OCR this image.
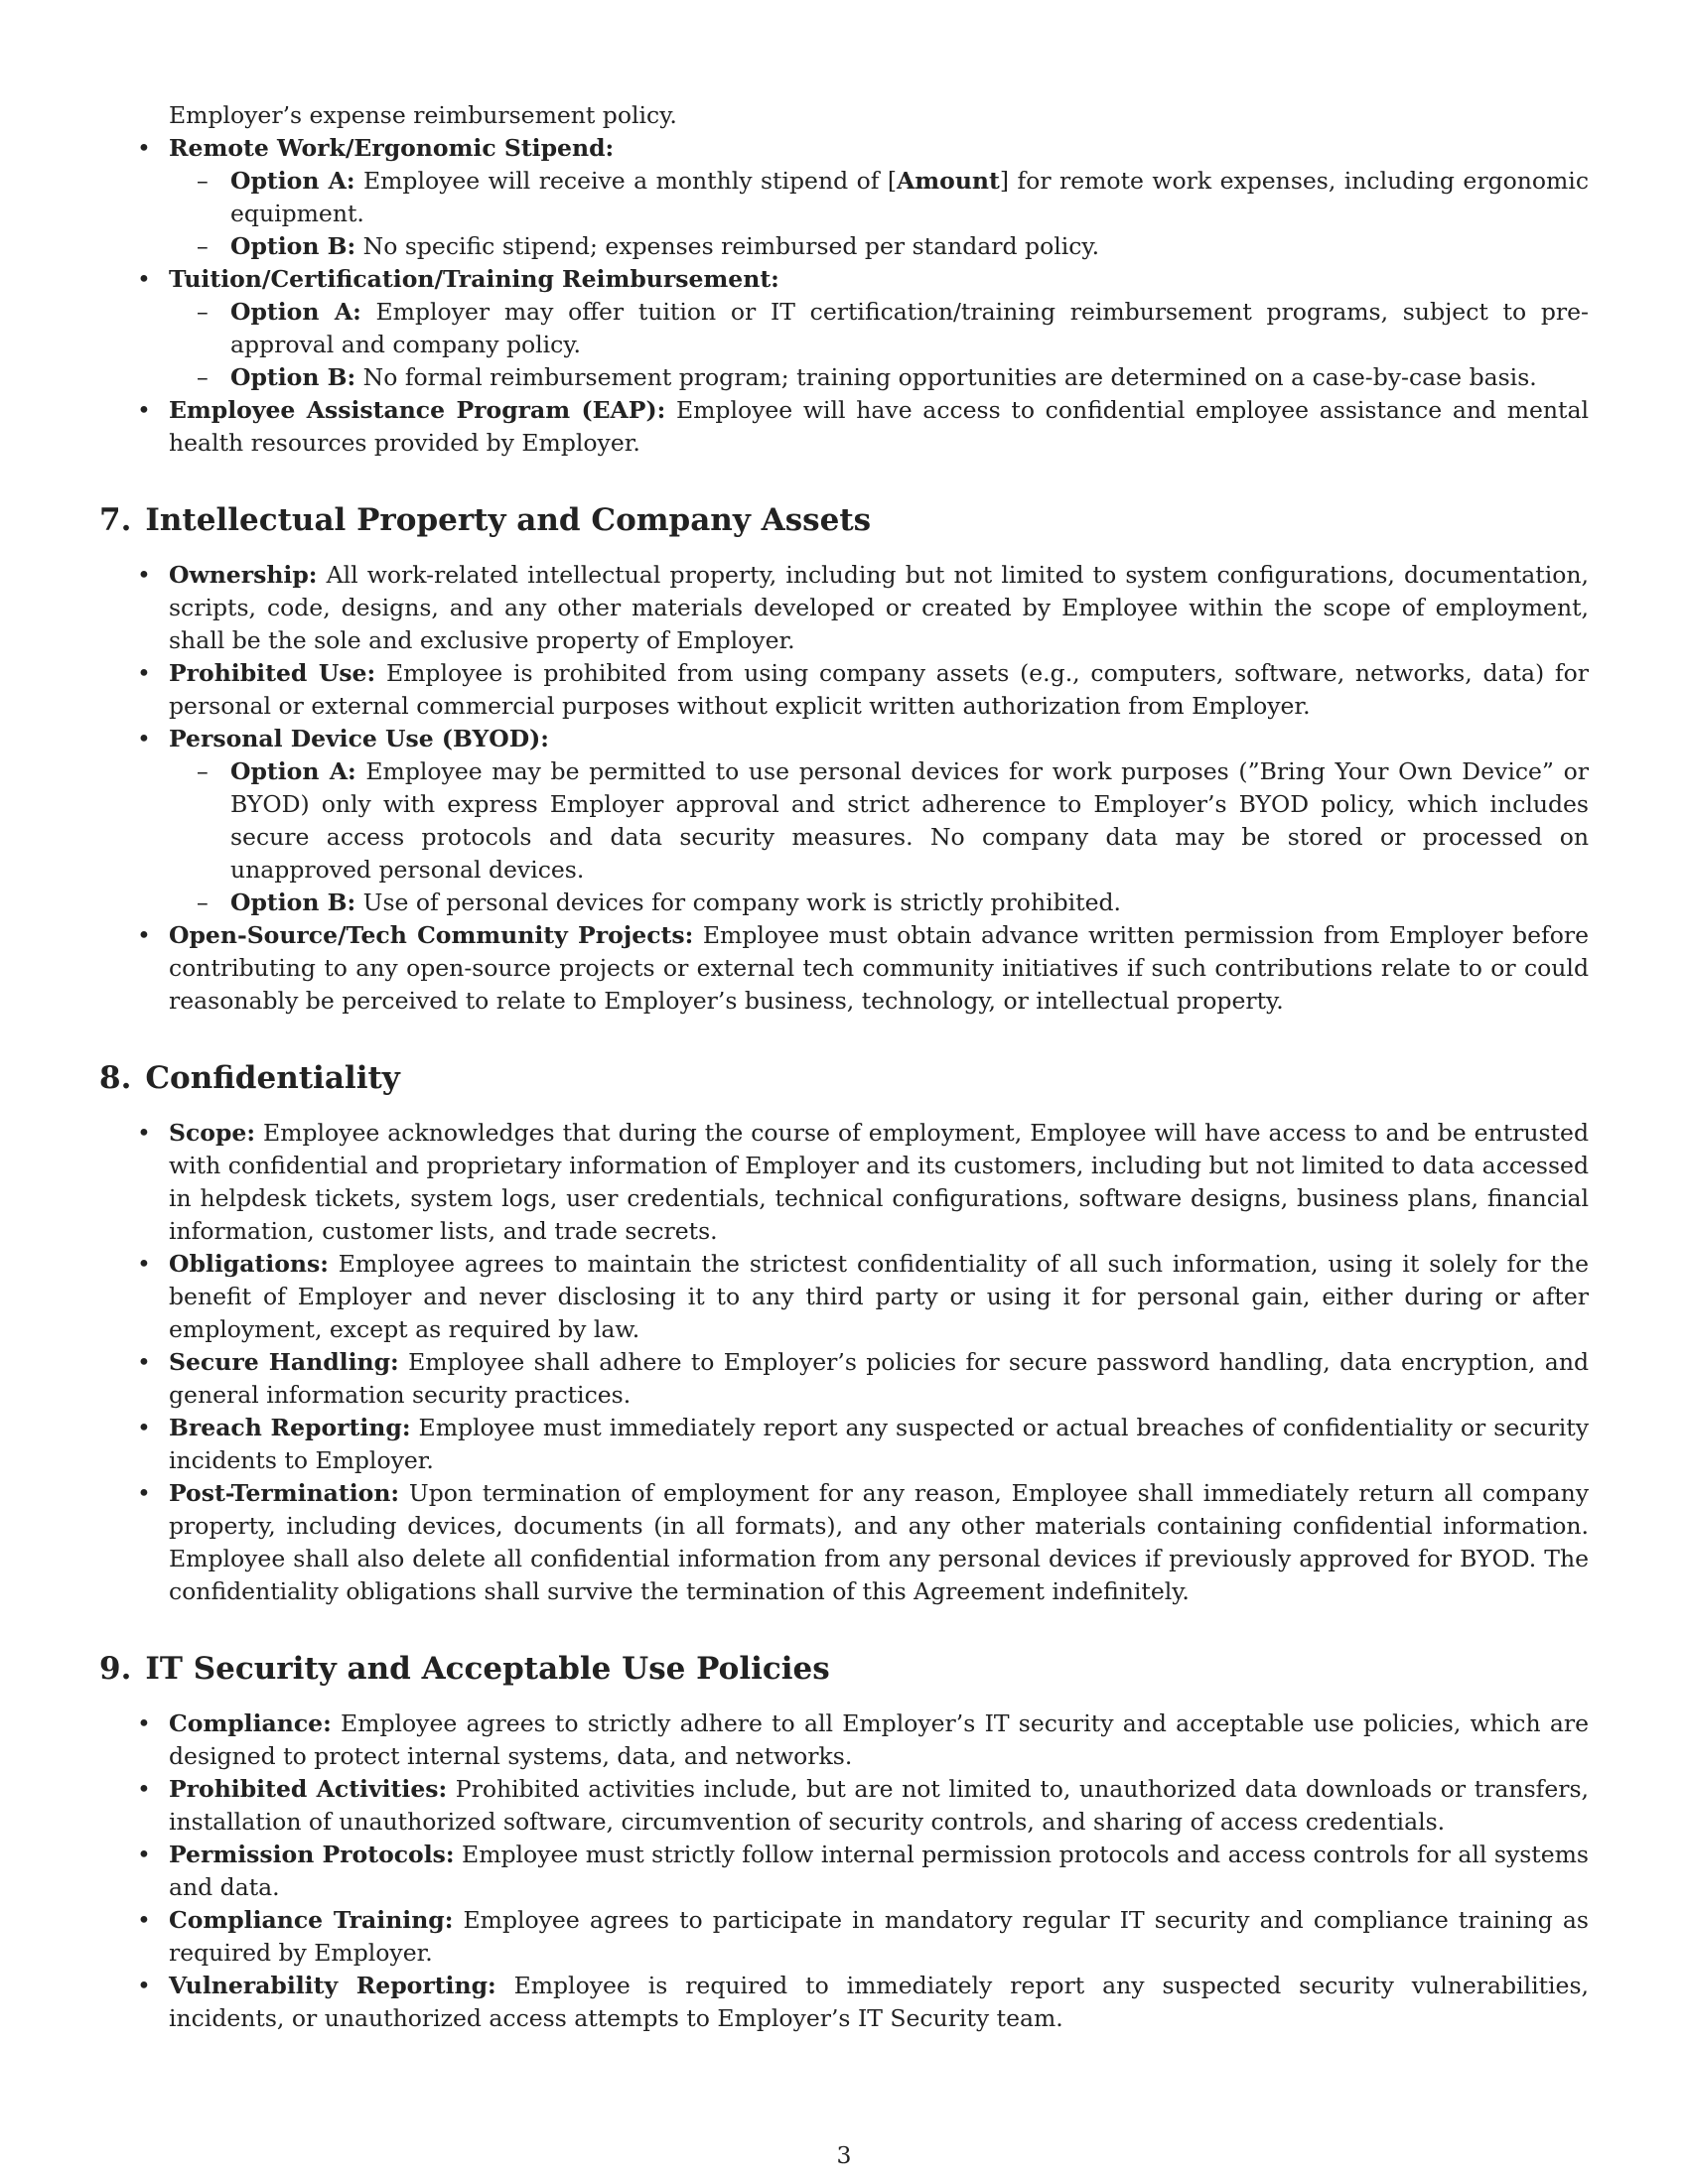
Employer’s expense reimbursement policy.
• Remote Work/Ergonomic Stipend:
– Option A: Employee will receive a monthly stipend of [Amount] for remote work expenses, including ergonomic equipment.
– Option B: No specific stipend; expenses reimbursed per standard policy.
• Tuition/Certification/Training Reimbursement:
– Option A: Employer may offer tuition or IT certification/training reimbursement programs, subject to pre-approval and company policy.
– Option B: No formal reimbursement program; training opportunities are determined on a case-by-case basis.
• Employee Assistance Program (EAP): Employee will have access to confidential employee assistance and mental health resources provided by Employer.
7. Intellectual Property and Company Assets
• Ownership: All work-related intellectual property, including but not limited to system configurations, documentation, scripts, code, designs, and any other materials developed or created by Employee within the scope of employment, shall be the sole and exclusive property of Employer.
• Prohibited Use: Employee is prohibited from using company assets (e.g., computers, software, networks, data) for personal or external commercial purposes without explicit written authorization from Employer.
• Personal Device Use (BYOD):
– Option A: Employee may be permitted to use personal devices for work purposes (”Bring Your Own Device” or BYOD) only with express Employer approval and strict adherence to Employer’s BYOD policy, which includes secure access protocols and data security measures. No company data may be stored or processed on unapproved personal devices.
– Option B: Use of personal devices for company work is strictly prohibited.
• Open-Source/Tech Community Projects: Employee must obtain advance written permission from Employer before contributing to any open-source projects or external tech community initiatives if such contributions relate to or could reasonably be perceived to relate to Employer’s business, technology, or intellectual property.
8. Confidentiality
• Scope: Employee acknowledges that during the course of employment, Employee will have access to and be entrusted with confidential and proprietary information of Employer and its customers, including but not limited to data accessed in helpdesk tickets, system logs, user credentials, technical configurations, software designs, business plans, financial information, customer lists, and trade secrets.
• Obligations: Employee agrees to maintain the strictest confidentiality of all such information, using it solely for the benefit of Employer and never disclosing it to any third party or using it for personal gain, either during or after employment, except as required by law.
• Secure Handling: Employee shall adhere to Employer’s policies for secure password handling, data encryption, and general information security practices.
• Breach Reporting: Employee must immediately report any suspected or actual breaches of confidentiality or security incidents to Employer.
• Post-Termination: Upon termination of employment for any reason, Employee shall immediately return all company property, including devices, documents (in all formats), and any other materials containing confidential information. Employee shall also delete all confidential information from any personal devices if previously approved for BYOD. The confidentiality obligations shall survive the termination of this Agreement indefinitely.
9. IT Security and Acceptable Use Policies
• Compliance: Employee agrees to strictly adhere to all Employer’s IT security and acceptable use policies, which are designed to protect internal systems, data, and networks.
• Prohibited Activities: Prohibited activities include, but are not limited to, unauthorized data downloads or transfers, installation of unauthorized software, circumvention of security controls, and sharing of access credentials.
• Permission Protocols: Employee must strictly follow internal permission protocols and access controls for all systems and data.
• Compliance Training: Employee agrees to participate in mandatory regular IT security and compliance training as required by Employer.
• Vulnerability Reporting: Employee is required to immediately report any suspected security vulnerabilities, incidents, or unauthorized access attempts to Employer’s IT Security team.
3
